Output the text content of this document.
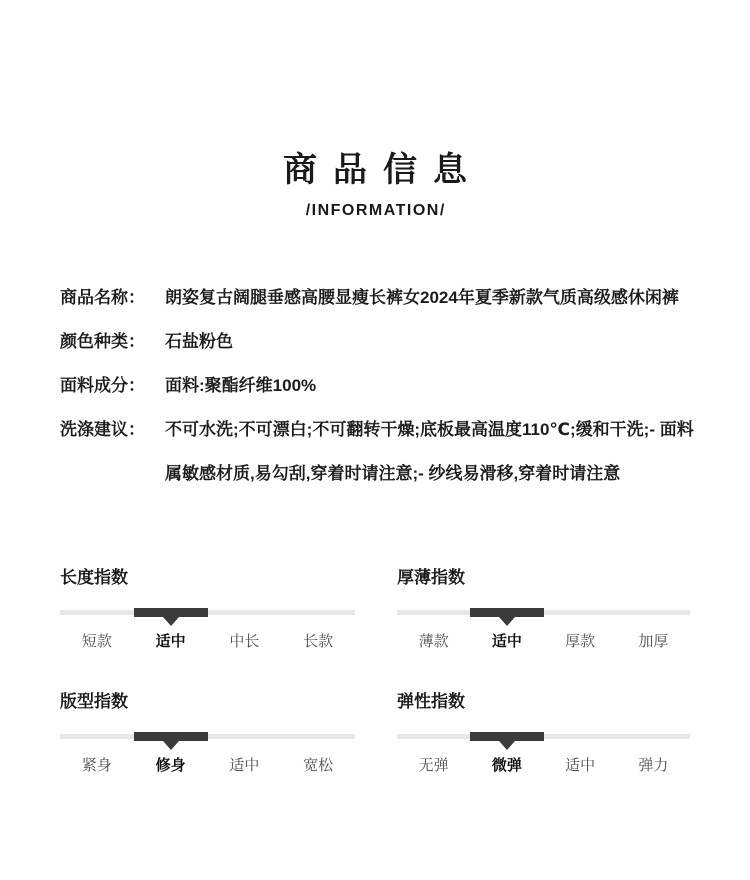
商品信息
/INFORMATION/
商品名称：	朗姿复古阔腿垂感高腰显瘦长裤女2024年夏季新款气质高级感休闲裤
颜色种类：	石盐粉色
面料成分：	面料:聚酯纤维100%
洗涤建议：	不可水洗;不可漂白;不可翻转干燥;底板最高温度110℃;缓和干洗;- 面料属敏感材质,易勾刮,穿着时请注意;- 纱线易滑移,穿着时请注意
长度指数
短款	适中	中长	长款
厚薄指数
薄款	适中	厚款	加厚
版型指数
紧身	修身	适中	宽松
弹性指数
无弹	微弹	适中	弹力
